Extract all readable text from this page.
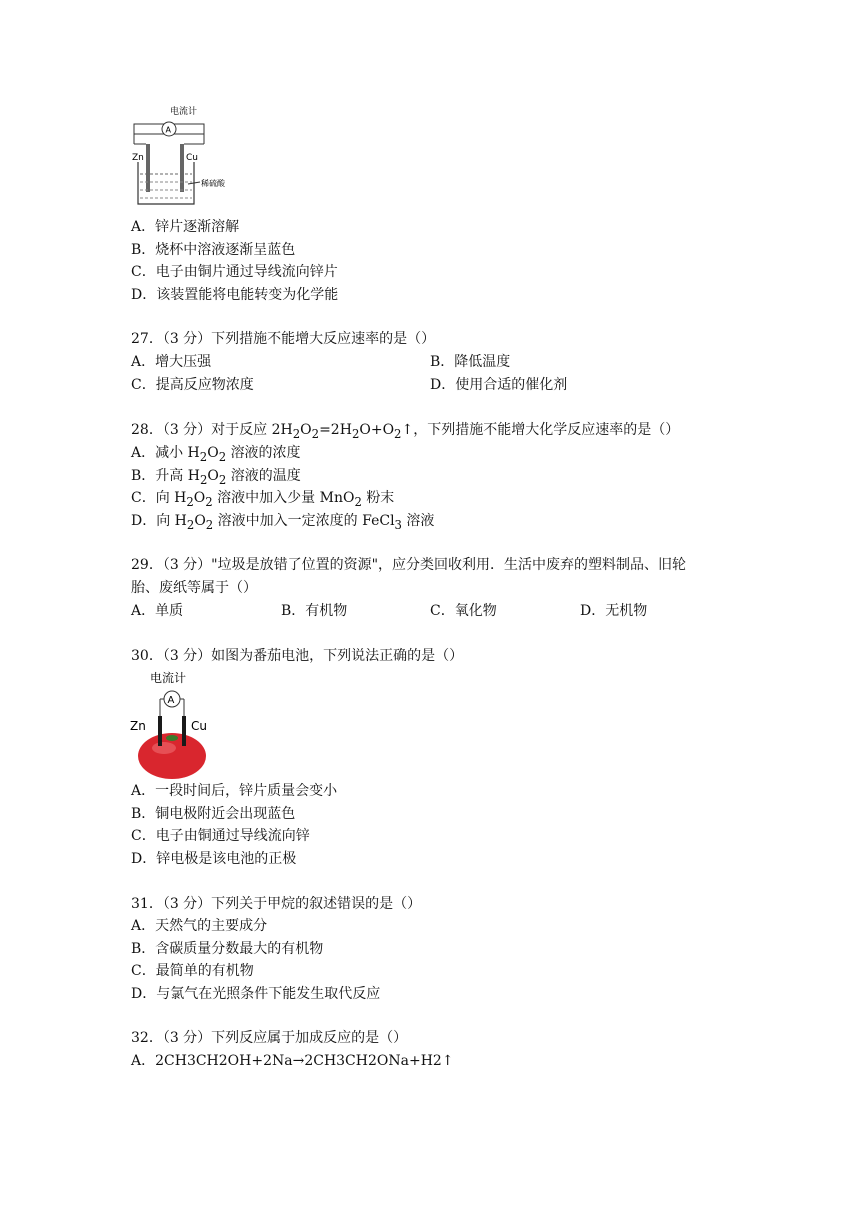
电流计
A
Zn	Cu
稀硫酸
A．锌片逐渐溶解
B．烧杯中溶液逐渐呈蓝色
C．电子由铜片通过导线流向锌片
D．该装置能将电能转变为化学能
27．（3 分）下列措施不能增大反应速率的是（）
A．增大压强	B．降低温度
C．提高反应物浓度	D．使用合适的催化剂
28．（3 分）对于反应 $2H_2O_2=2H_2O+O_2↑$，下列措施不能增大化学反应速率的是（）
A．减小 $H_2O_2$ 溶液的浓度
B．升高 $H_2O_2$ 溶液的温度
C．向 $H_2O_2$ 溶液中加入少量 MnO$_2$ 粉末
D．向 $H_2O_2$ 溶液中加入一定浓度的 FeCl$_3$ 溶液
29．（3 分）"垃圾是放错了位置的资源"，应分类回收利用．生活中废弃的塑料制品、旧轮
胎、废纸等属于（）
A．单质	B．有机物	C．氧化物	D．无机物
30．（3 分）如图为番茄电池，下列说法正确的是（）
电流计
A
Zn	Cu
A．一段时间后，锌片质量会变小
B．铜电极附近会出现蓝色
C．电子由铜通过导线流向锌
D．锌电极是该电池的正极
31．（3 分）下列关于甲烷的叙述错误的是（）
A．天然气的主要成分
B．含碳质量分数最大的有机物
C．最简单的有机物
D．与氯气在光照条件下能发生取代反应
32．（3 分）下列反应属于加成反应的是（）
A．2CH3CH2OH+2Na→2CH3CH2ONa+H2↑
